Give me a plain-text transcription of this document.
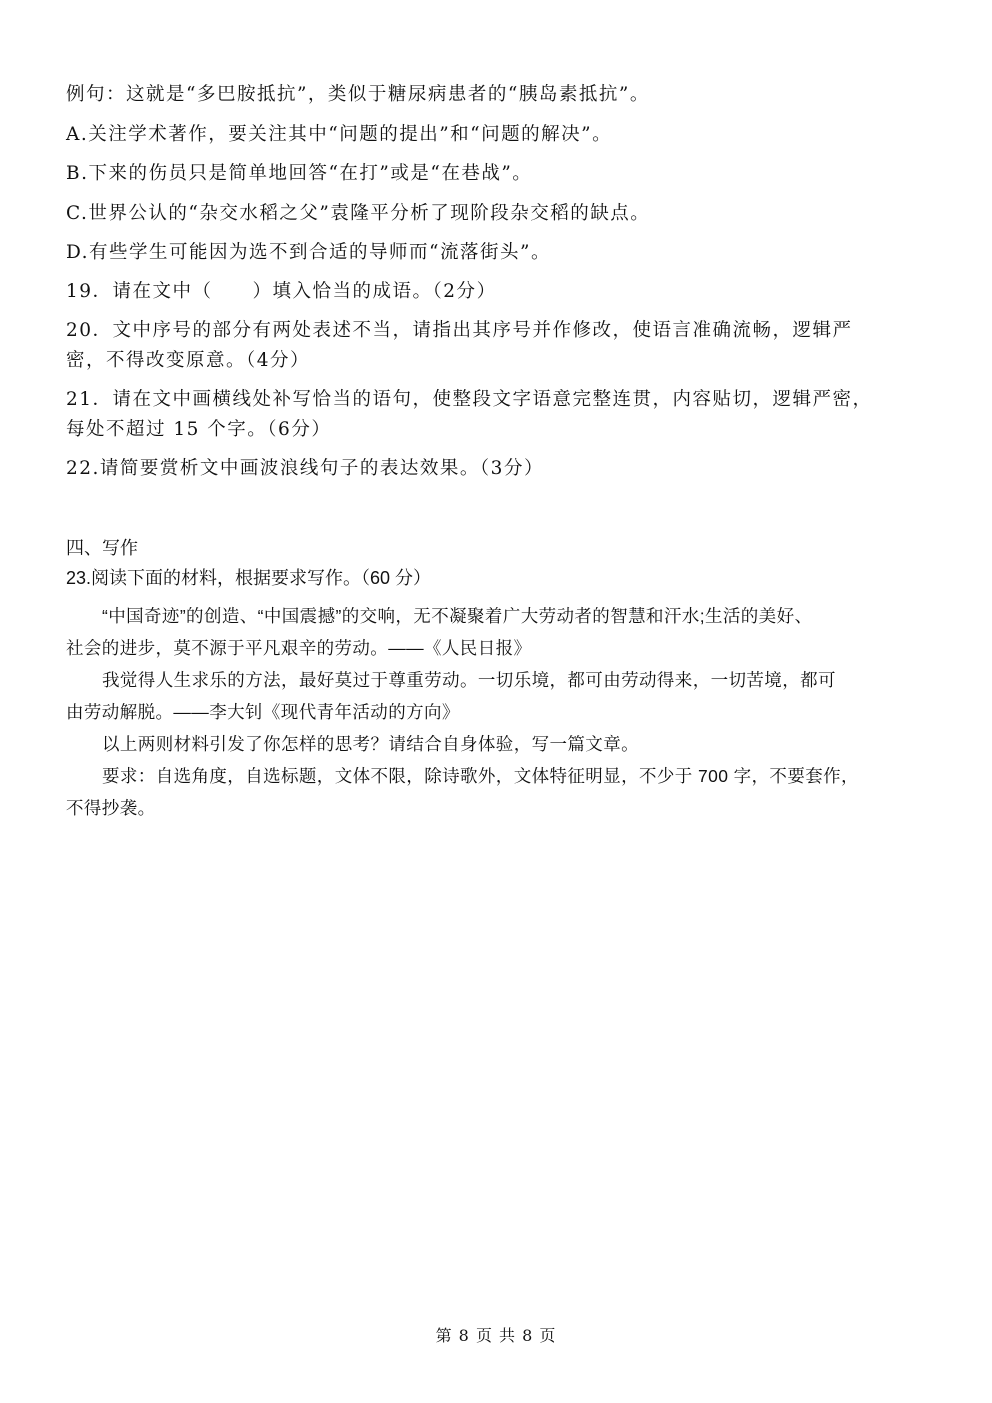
例句：这就是“多巴胺抵抗”，类似于糖尿病患者的“胰岛素抵抗”。
A.关注学术著作，要关注其中“问题的提出”和“问题的解决”。
B.下来的伤员只是简单地回答“在打”或是“在巷战”。
C.世界公认的“杂交水稻之父”袁隆平分析了现阶段杂交稻的缺点。
D.有些学生可能因为选不到合适的导师而“流落街头”。
19．请在文中（　　）填入恰当的成语。（2分）
20．文中序号的部分有两处表述不当，请指出其序号并作修改，使语言准确流畅，逻辑严
密，不得改变原意。（4分）
21．请在文中画横线处补写恰当的语句，使整段文字语意完整连贯，内容贴切，逻辑严密，
每处不超过 15 个字。（6分）
22.请简要赏析文中画波浪线句子的表达效果。（3分）
四、写作
23.阅读下面的材料，根据要求写作。（60 分）
“中国奇迹”的创造、“中国震撼”的交响，无不凝聚着广大劳动者的智慧和汗水;生活的美好、
社会的进步，莫不源于平凡艰辛的劳动。——《人民日报》
我觉得人生求乐的方法，最好莫过于尊重劳动。一切乐境，都可由劳动得来，一切苦境，都可
由劳动解脱。——李大钊《现代青年活动的方向》
以上两则材料引发了你怎样的思考？请结合自身体验，写一篇文章。
要求：自选角度，自选标题，文体不限，除诗歌外，文体特征明显，不少于 700 字，不要套作，
不得抄袭。
第 8 页 共 8 页
